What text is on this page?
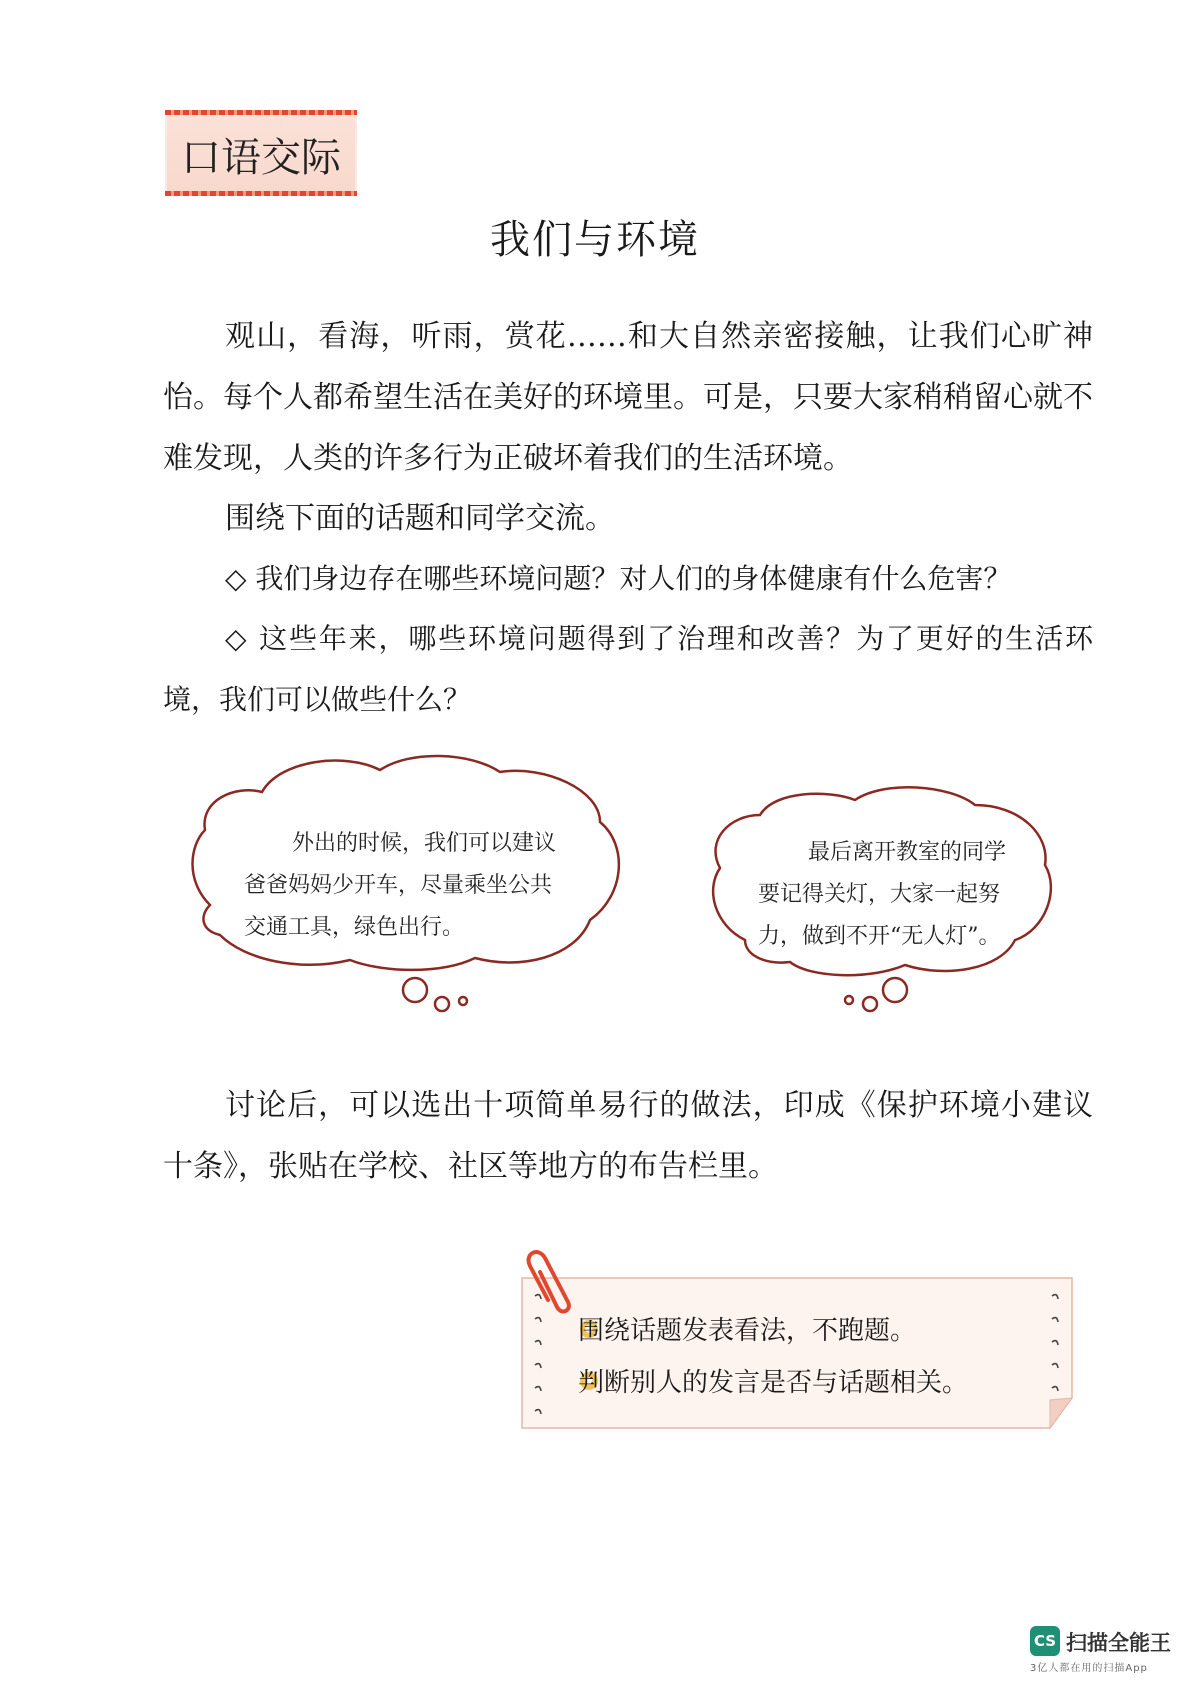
口语交际
我们与环境
观山，看海，听雨，赏花……和大自然亲密接触，让我们心旷神怡。每个人都希望生活在美好的环境里。可是，只要大家稍稍留心就不难发现，人类的许多行为正破坏着我们的生活环境。
围绕下面的话题和同学交流。
◇ 我们身边存在哪些环境问题？对人们的身体健康有什么危害？
◇ 这些年来，哪些环境问题得到了治理和改善？为了更好的生活环境，我们可以做些什么？
外出的时候，我们可以建议
爸爸妈妈少开车，尽量乘坐公共
交通工具，绿色出行。
最后离开教室的同学
要记得关灯，大家一起努
力，做到不开“无人灯”。
讨论后，可以选出十项简单易行的做法，印成《保护环境小建议十条》，张贴在学校、社区等地方的布告栏里。
围绕话题发表看法，不跑题。
判断别人的发言是否与话题相关。
CS 扫描全能王
3亿人都在用的扫描App
